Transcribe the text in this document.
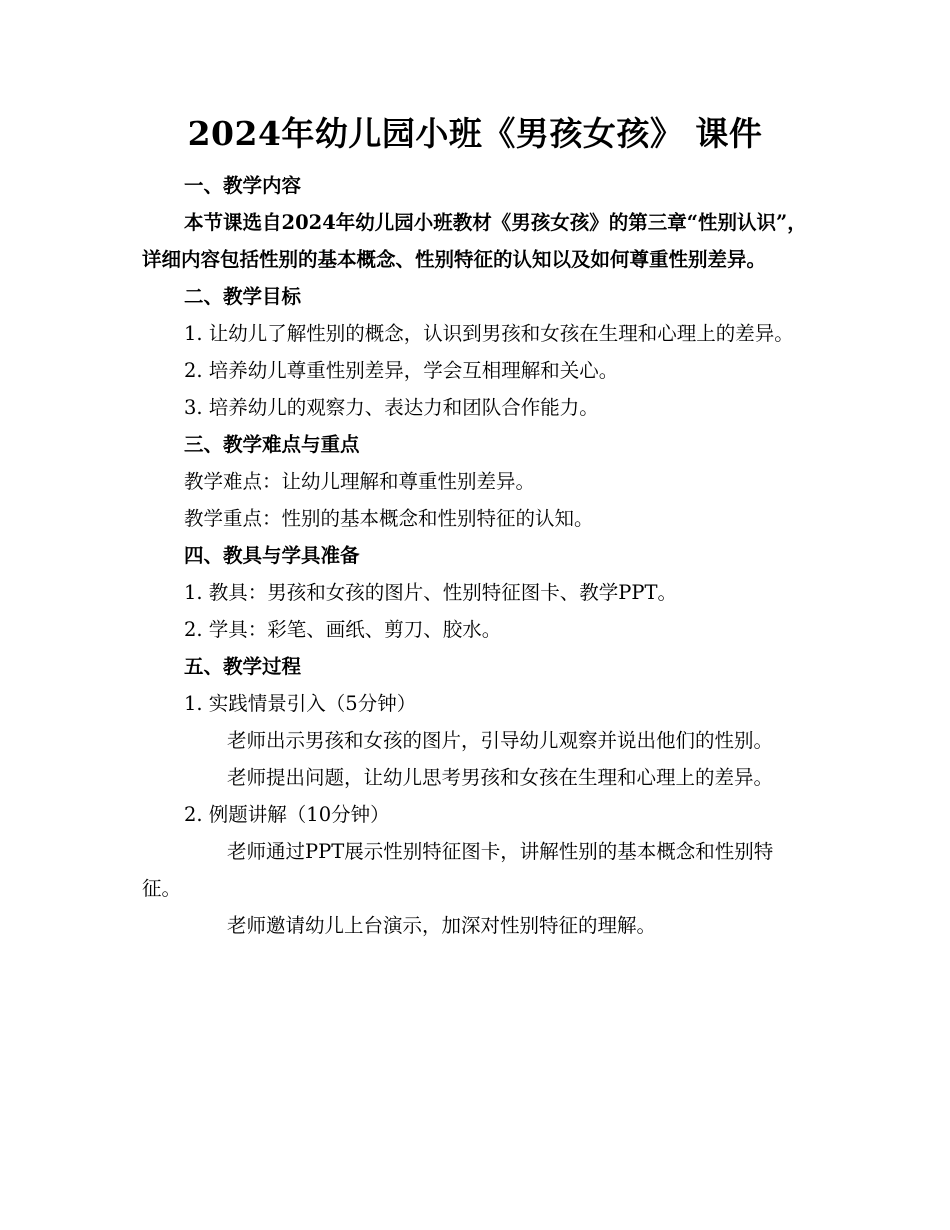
2024年幼儿园小班《男孩女孩》 课件

一、教学内容

本节课选自2024年幼儿园小班教材《男孩女孩》的第三章“性别认识”，详细内容包括性别的基本概念、性别特征的认知以及如何尊重性别差异。

二、教学目标

1. 让幼儿了解性别的概念，认识到男孩和女孩在生理和心理上的差异。

2. 培养幼儿尊重性别差异，学会互相理解和关心。

3. 培养幼儿的观察力、表达力和团队合作能力。

三、教学难点与重点

教学难点：让幼儿理解和尊重性别差异。

教学重点：性别的基本概念和性别特征的认知。

四、教具与学具准备

1. 教具：男孩和女孩的图片、性别特征图卡、教学PPT。

2. 学具：彩笔、画纸、剪刀、胶水。

五、教学过程

1. 实践情景引入（5分钟）

老师出示男孩和女孩的图片，引导幼儿观察并说出他们的性别。

老师提出问题，让幼儿思考男孩和女孩在生理和心理上的差异。

2. 例题讲解（10分钟）

老师通过PPT展示性别特征图卡，讲解性别的基本概念和性别特征。

老师邀请幼儿上台演示，加深对性别特征的理解。
